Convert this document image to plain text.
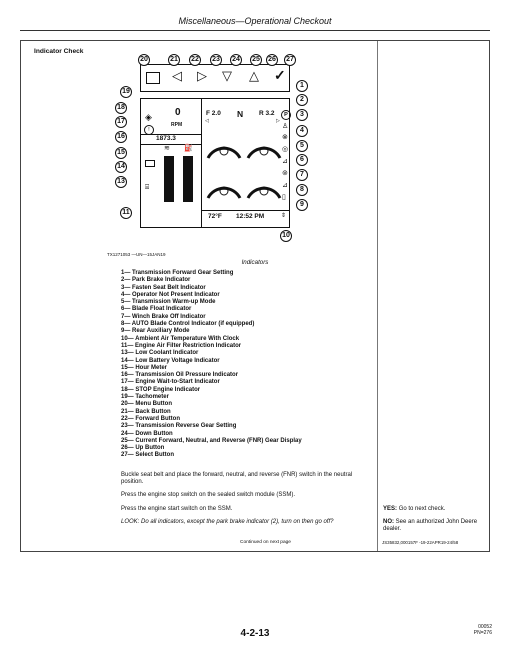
Miscellaneous—Operational Checkout
Indicator Check
◁ ▷ ▽ △ ✓
0
RPM
◈
!
1873.3
≋ ⛽
⌸
F 2.0 N R 3.2
◁	▷
P
♙
⊗
◎
⊿
⊚
⊿
▯
72°F 12:52 PM	⇕
20	21	22	23	24	25	26	27
19
18
17
16
15
14
13
11
1
2
3
4
5
6
7
8
9
10
TX1271053 —UN—15JAN19
Indicators
1— Transmission Forward Gear Setting
2— Park Brake Indicator
3— Fasten Seat Belt Indicator
4— Operator Not Present Indicator
5— Transmission Warm-up Mode
6— Blade Float Indicator
7— Winch Brake Off Indicator
8— AUTO Blade Control Indicator (if equipped)
9— Rear Auxiliary Mode
10— Ambient Air Temperature With Clock
11— Engine Air Filter Restriction Indicator
13— Low Coolant Indicator
14— Low Battery Voltage Indicator
15— Hour Meter
16— Transmission Oil Pressure Indicator
17— Engine Wait-to-Start Indicator
18— STOP Engine Indicator
19— Tachometer
20— Menu Button
21— Back Button
22— Forward Button
23— Transmission Reverse Gear Setting
24— Down Button
25— Current Forward, Neutral, and Reverse (FNR) Gear Display
26— Up Button
27— Select Button

Buckle seat belt and place the forward, neutral, and reverse (FNR) switch in the neutral position.

Press the engine stop switch on the sealed switch module (SSM).

Press the engine start switch on the SSM.

LOOK: Do all indicators, except the park brake indicator (2), turn on then go off?

YES: Go to next check.

NO: See an authorized John Deere dealer.

Continued on next page	JS35832,000157F -19-22APR19-24/58
4-2-13
00052
PN=276
